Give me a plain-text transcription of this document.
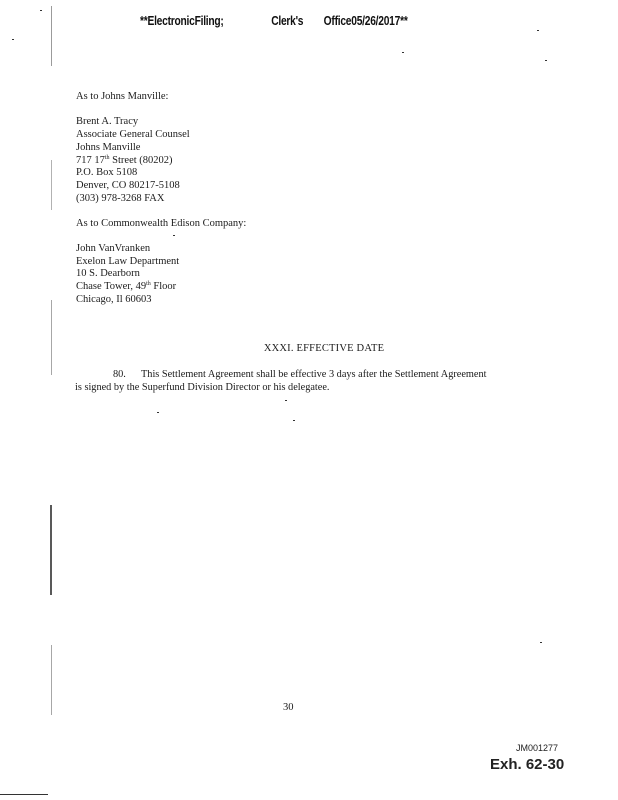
**ElectronicFiling;	Clerk's Office05/26/2017**
As to Johns Manville:
Brent A. Tracy
Associate General Counsel
Johns Manville
717 17th Street (80202)
P.O. Box 5108
Denver, CO 80217-5108
(303) 978-3268 FAX
As to Commonwealth Edison Company:
John VanVranken
Exelon Law Department
10 S. Dearborn
Chase Tower, 49th Floor
Chicago, Il 60603
XXXI. EFFECTIVE DATE
80. This Settlement Agreement shall be effective 3 days after the Settlement Agreement
is signed by the Superfund Division Director or his delegatee.
30
JM001277
Exh. 62-30
